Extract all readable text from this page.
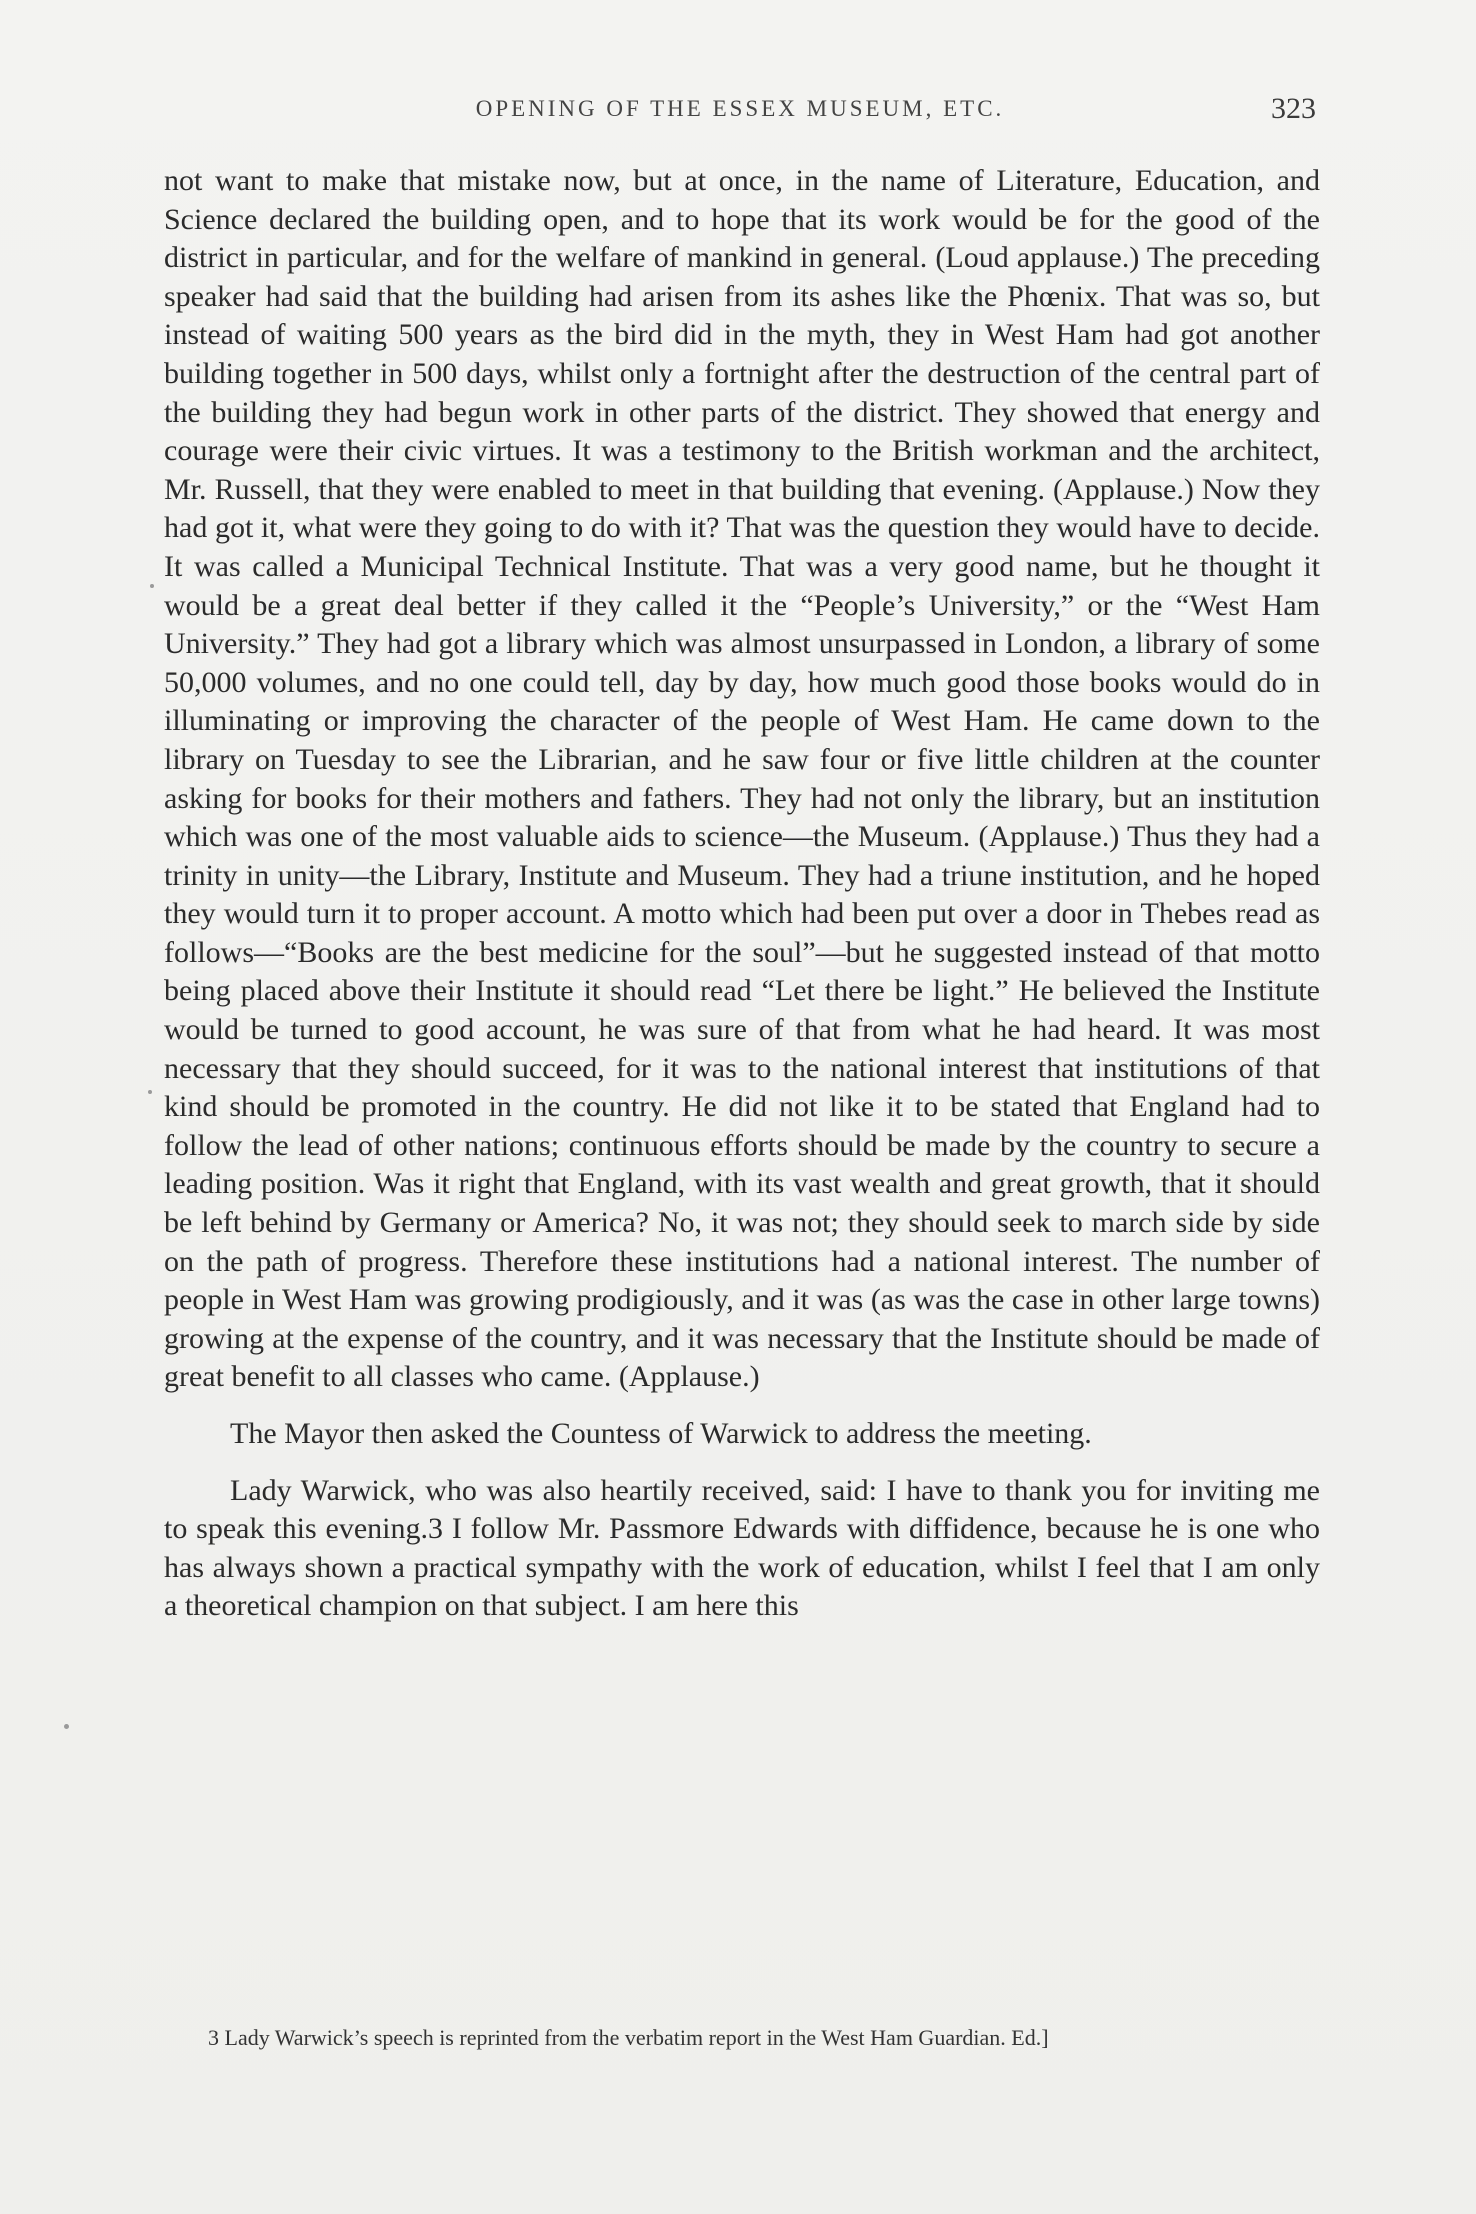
OPENING OF THE ESSEX MUSEUM, ETC.	323

not want to make that mistake now, but at once, in the name of Literature, Education, and Science declared the building open, and to hope that its work would be for the good of the district in particular, and for the welfare of mankind in general. (Loud applause.) The preceding speaker had said that the building had arisen from its ashes like the Phœnix. That was so, but instead of waiting 500 years as the bird did in the myth, they in West Ham had got another building together in 500 days, whilst only a fortnight after the destruction of the central part of the building they had begun work in other parts of the district. They showed that energy and courage were their civic virtues. It was a testimony to the British workman and the architect, Mr. Russell, that they were enabled to meet in that building that evening. (Applause.) Now they had got it, what were they going to do with it? That was the question they would have to decide. It was called a Municipal Technical Institute. That was a very good name, but he thought it would be a great deal better if they called it the “People’s University,” or the “West Ham University.” They had got a library which was almost unsurpassed in London, a library of some 50,000 volumes, and no one could tell, day by day, how much good those books would do in illuminating or improving the character of the people of West Ham. He came down to the library on Tuesday to see the Librarian, and he saw four or five little children at the counter asking for books for their mothers and fathers. They had not only the library, but an institution which was one of the most valuable aids to science—the Museum. (Applause.) Thus they had a trinity in unity—the Library, Institute and Museum. They had a triune institution, and he hoped they would turn it to proper account. A motto which had been put over a door in Thebes read as follows—“Books are the best medicine for the soul”—but he suggested instead of that motto being placed above their Institute it should read “Let there be light.” He believed the Institute would be turned to good account, he was sure of that from what he had heard. It was most necessary that they should succeed, for it was to the national interest that institutions of that kind should be promoted in the country. He did not like it to be stated that England had to follow the lead of other nations; continuous efforts should be made by the country to secure a leading position. Was it right that England, with its vast wealth and great growth, that it should be left behind by Germany or America? No, it was not; they should seek to march side by side on the path of progress. Therefore these institutions had a national interest. The number of people in West Ham was growing prodigiously, and it was (as was the case in other large towns) growing at the expense of the country, and it was necessary that the Institute should be made of great benefit to all classes who came. (Applause.)

The Mayor then asked the Countess of Warwick to address the meeting.

Lady Warwick, who was also heartily received, said: I have to thank you for inviting me to speak this evening.3 I follow Mr. Passmore Edwards with diffidence, because he is one who has always shown a practical sympathy with the work of education, whilst I feel that I am only a theoretical champion on that subject. I am here this

3 Lady Warwick’s speech is reprinted from the verbatim report in the West Ham Guardian. Ed.]
